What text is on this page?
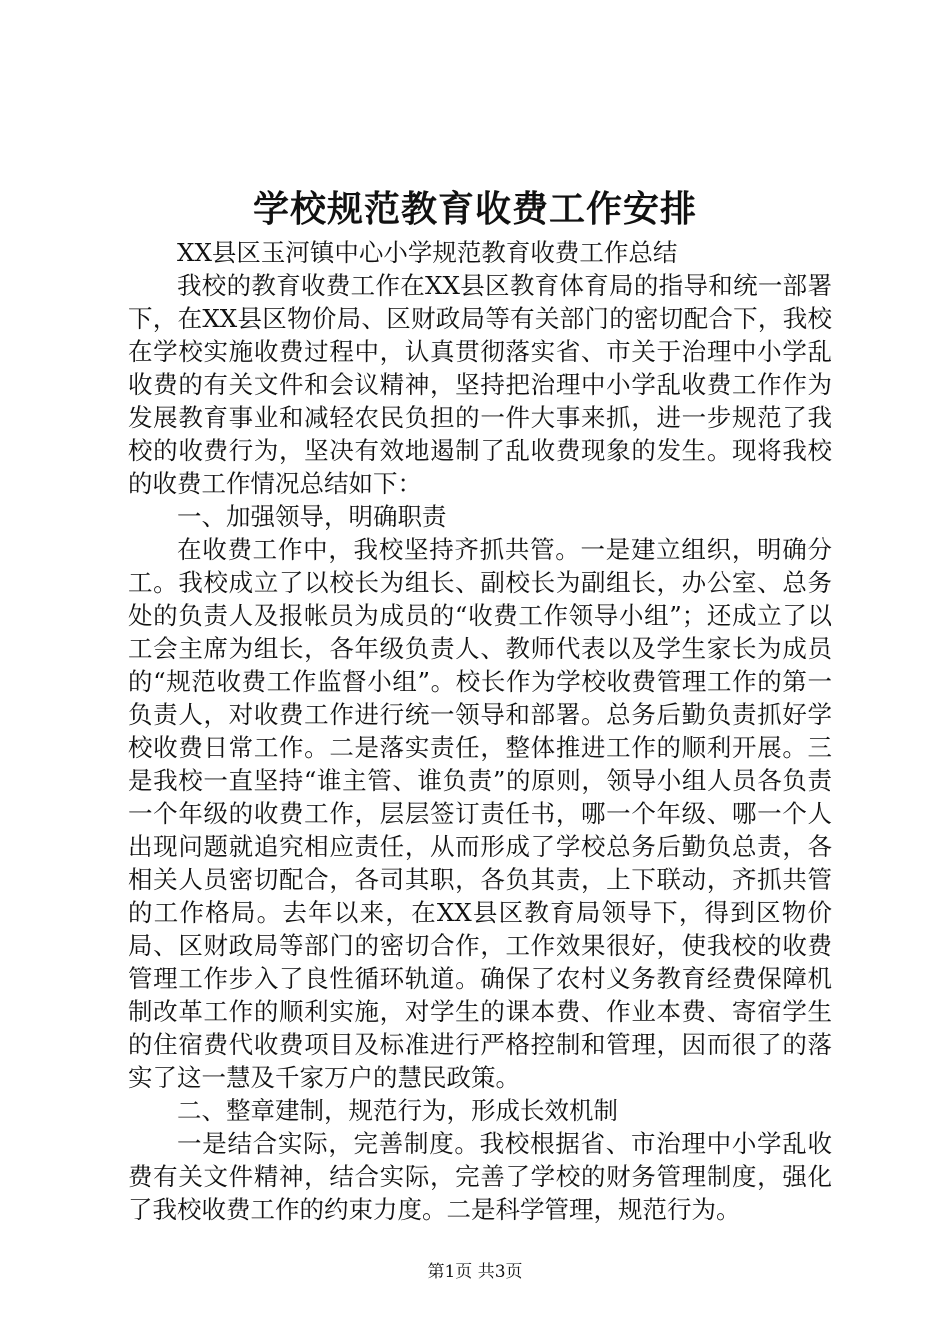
学校规范教育收费工作安排

XX县区玉河镇中心小学规范教育收费工作总结

我校的教育收费工作在XX县区教育体育局的指导和统一部署下，在XX县区物价局、区财政局等有关部门的密切配合下，我校在学校实施收费过程中，认真贯彻落实省、市关于治理中小学乱收费的有关文件和会议精神，坚持把治理中小学乱收费工作作为发展教育事业和减轻农民负担的一件大事来抓，进一步规范了我校的收费行为，坚决有效地遏制了乱收费现象的发生。现将我校的收费工作情况总结如下：

一、加强领导，明确职责

在收费工作中，我校坚持齐抓共管。一是建立组织，明确分工。我校成立了以校长为组长、副校长为副组长，办公室、总务处的负责人及报帐员为成员的“收费工作领导小组”；还成立了以工会主席为组长，各年级负责人、教师代表以及学生家长为成员的“规范收费工作监督小组”。校长作为学校收费管理工作的第一负责人，对收费工作进行统一领导和部署。总务后勤负责抓好学校收费日常工作。二是落实责任，整体推进工作的顺利开展。三是我校一直坚持“谁主管、谁负责”的原则，领导小组人员各负责一个年级的收费工作，层层签订责任书，哪一个年级、哪一个人出现问题就追究相应责任，从而形成了学校总务后勤负总责，各相关人员密切配合，各司其职，各负其责，上下联动，齐抓共管的工作格局。去年以来，在XX县区教育局领导下，得到区物价局、区财政局等部门的密切合作，工作效果很好，使我校的收费管理工作步入了良性循环轨道。确保了农村义务教育经费保障机制改革工作的顺利实施，对学生的课本费、作业本费、寄宿学生的住宿费代收费项目及标准进行严格控制和管理，因而很了的落实了这一慧及千家万户的慧民政策。

二、整章建制，规范行为，形成长效机制

一是结合实际，完善制度。我校根据省、市治理中小学乱收费有关文件精神，结合实际，完善了学校的财务管理制度，强化了我校收费工作的约束力度。二是科学管理，规范行为。

第1页 共3页
